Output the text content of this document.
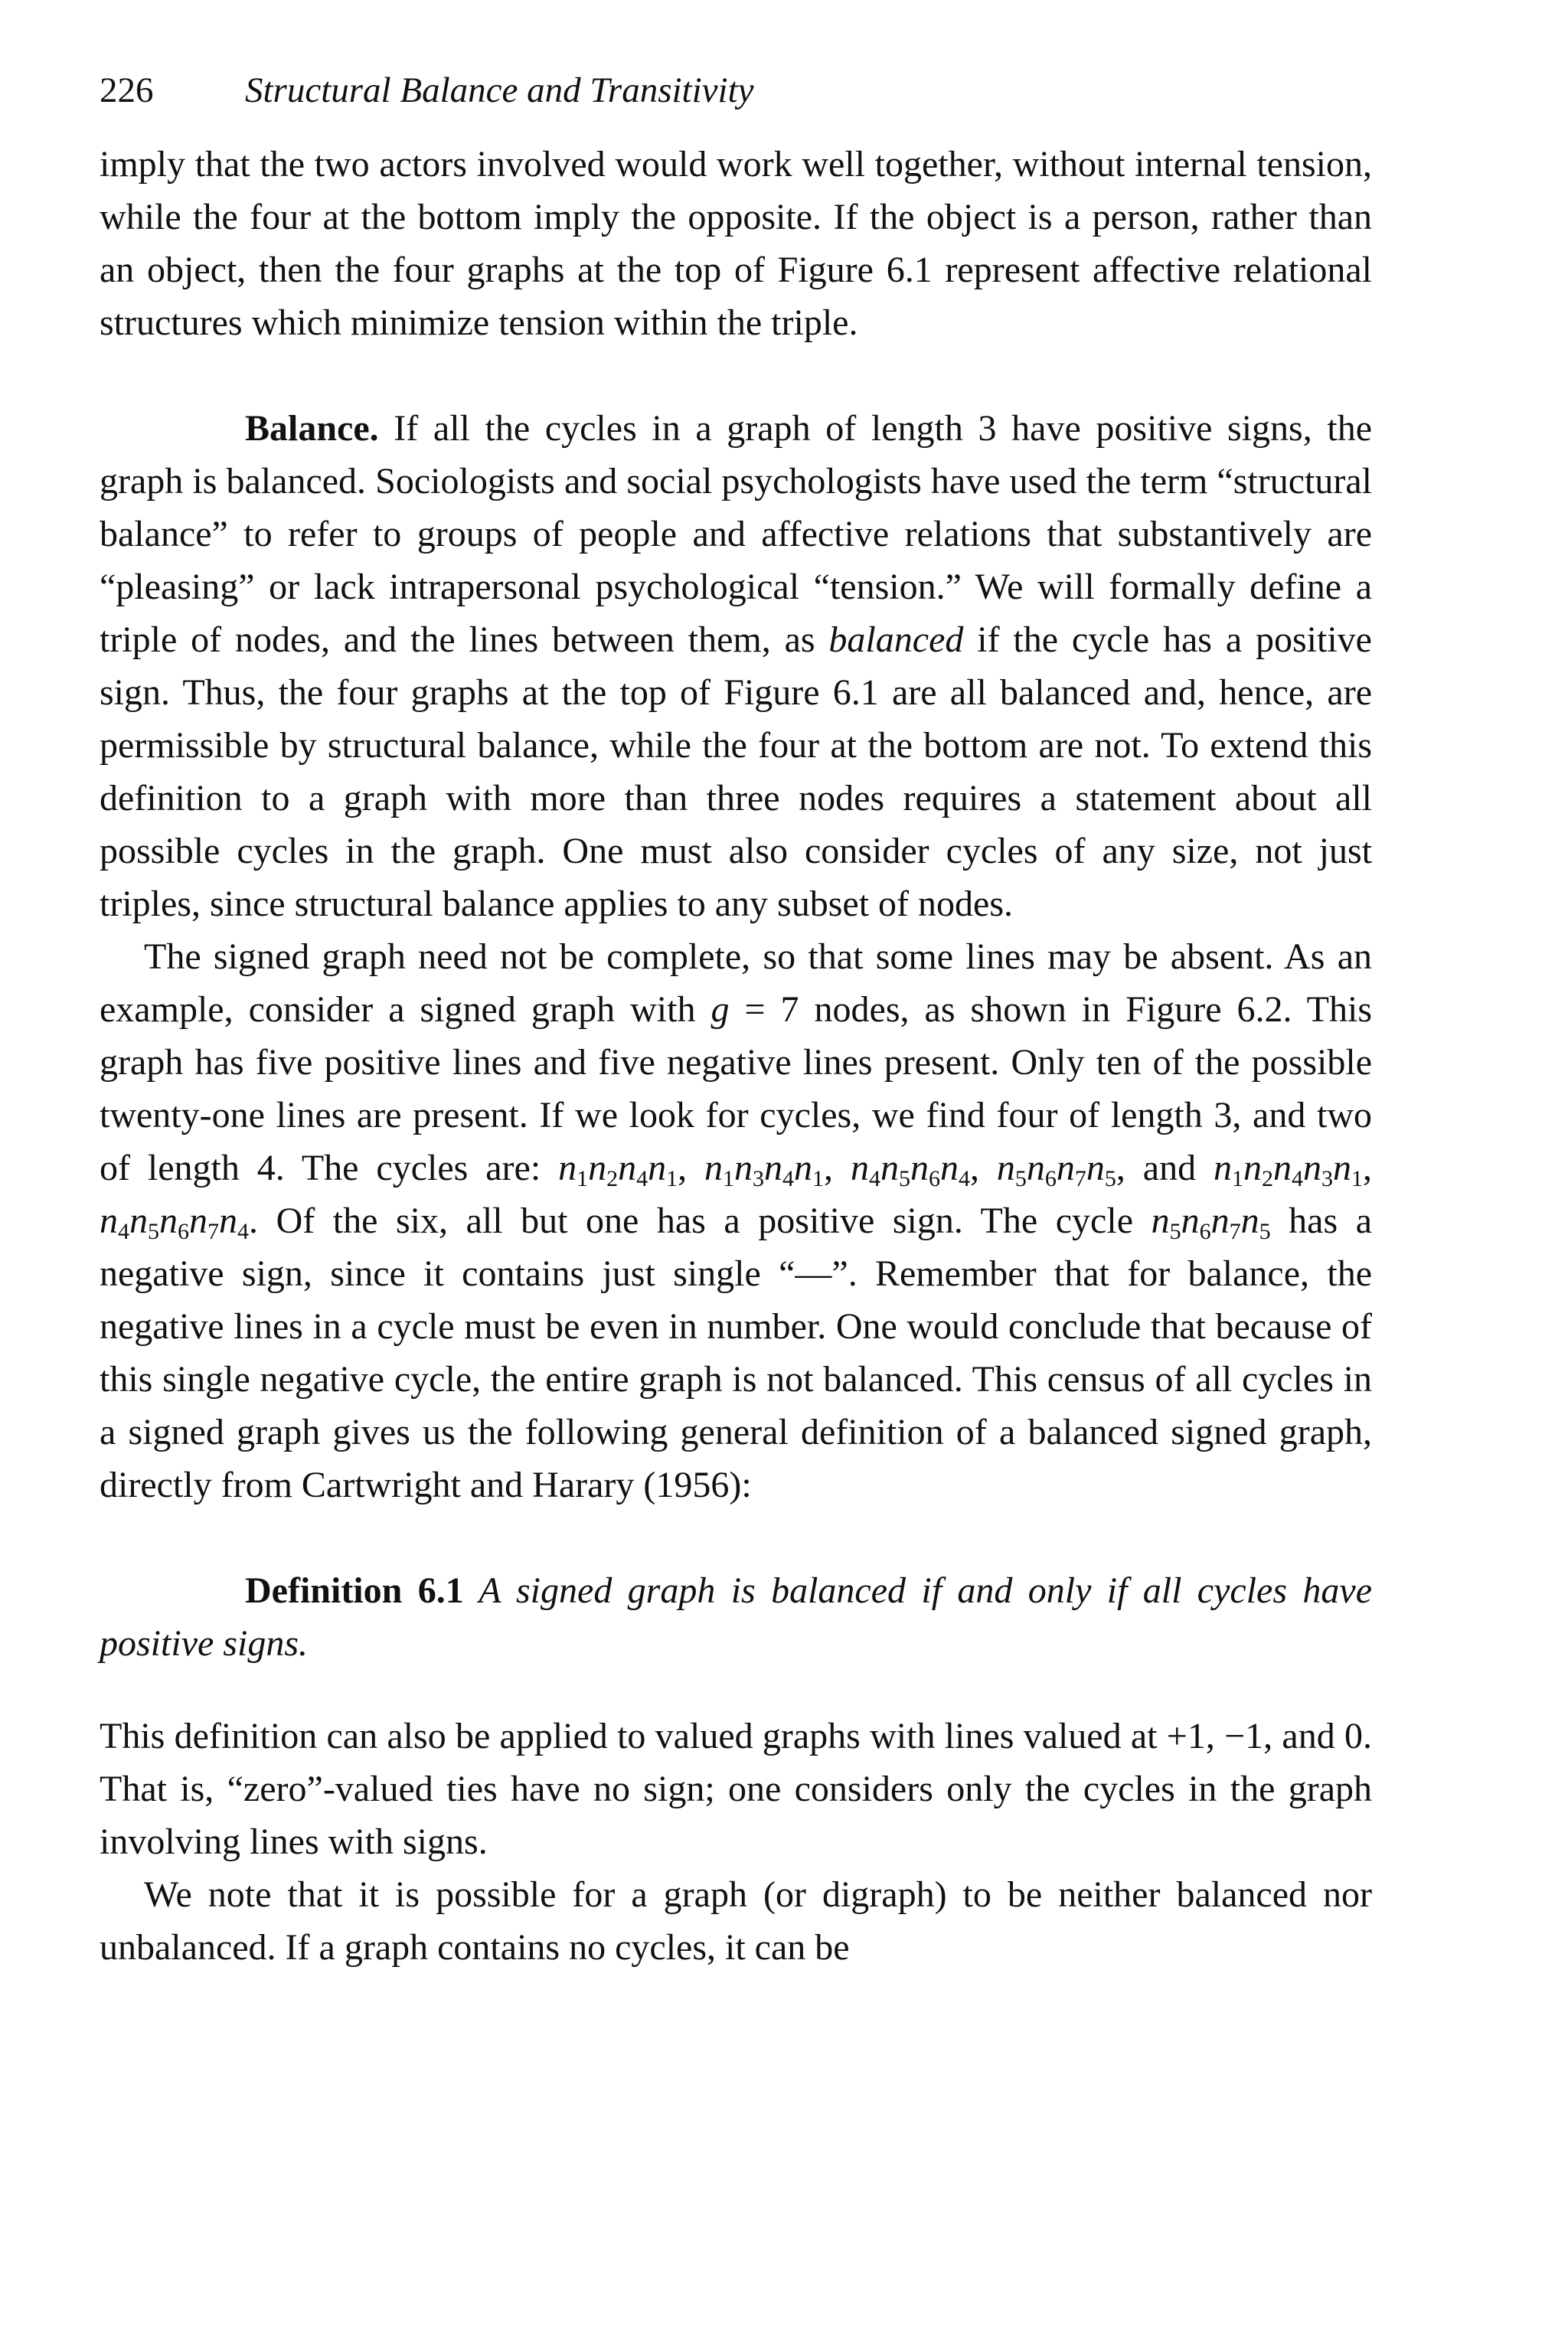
226	Structural Balance and Transitivity

imply that the two actors involved would work well together, without internal tension, while the four at the bottom imply the opposite. If the object is a person, rather than an object, then the four graphs at the top of Figure 6.1 represent affective relational structures which minimize tension within the triple.

Balance. If all the cycles in a graph of length 3 have positive signs, the graph is balanced. Sociologists and social psychologists have used the term “structural balance” to refer to groups of people and affective relations that substantively are “pleasing” or lack intrapersonal psychological “tension.” We will formally define a triple of nodes, and the lines between them, as balanced if the cycle has a positive sign. Thus, the four graphs at the top of Figure 6.1 are all balanced and, hence, are permissible by structural balance, while the four at the bottom are not. To extend this definition to a graph with more than three nodes requires a statement about all possible cycles in the graph. One must also consider cycles of any size, not just triples, since structural balance applies to any subset of nodes.

The signed graph need not be complete, so that some lines may be absent. As an example, consider a signed graph with g = 7 nodes, as shown in Figure 6.2. This graph has five positive lines and five negative lines present. Only ten of the possible twenty-one lines are present. If we look for cycles, we find four of length 3, and two of length 4. The cycles are: $n_1n_2n_4n_1$, $n_1n_3n_4n_1$, $n_4n_5n_6n_4$, $n_5n_6n_7n_5$, and $n_1n_2n_4n_3n_1$, $n_4n_5n_6n_7n_4$. Of the six, all but one has a positive sign. The cycle $n_5n_6n_7n_5$ has a negative sign, since it contains just single “—”. Remember that for balance, the negative lines in a cycle must be even in number. One would conclude that because of this single negative cycle, the entire graph is not balanced. This census of all cycles in a signed graph gives us the following general definition of a balanced signed graph, directly from Cartwright and Harary (1956):

Definition 6.1 A signed graph is balanced if and only if all cycles have positive signs.

This definition can also be applied to valued graphs with lines valued at +1, −1, and 0. That is, “zero”-valued ties have no sign; one considers only the cycles in the graph involving lines with signs.

We note that it is possible for a graph (or digraph) to be neither balanced nor unbalanced. If a graph contains no cycles, it can be
